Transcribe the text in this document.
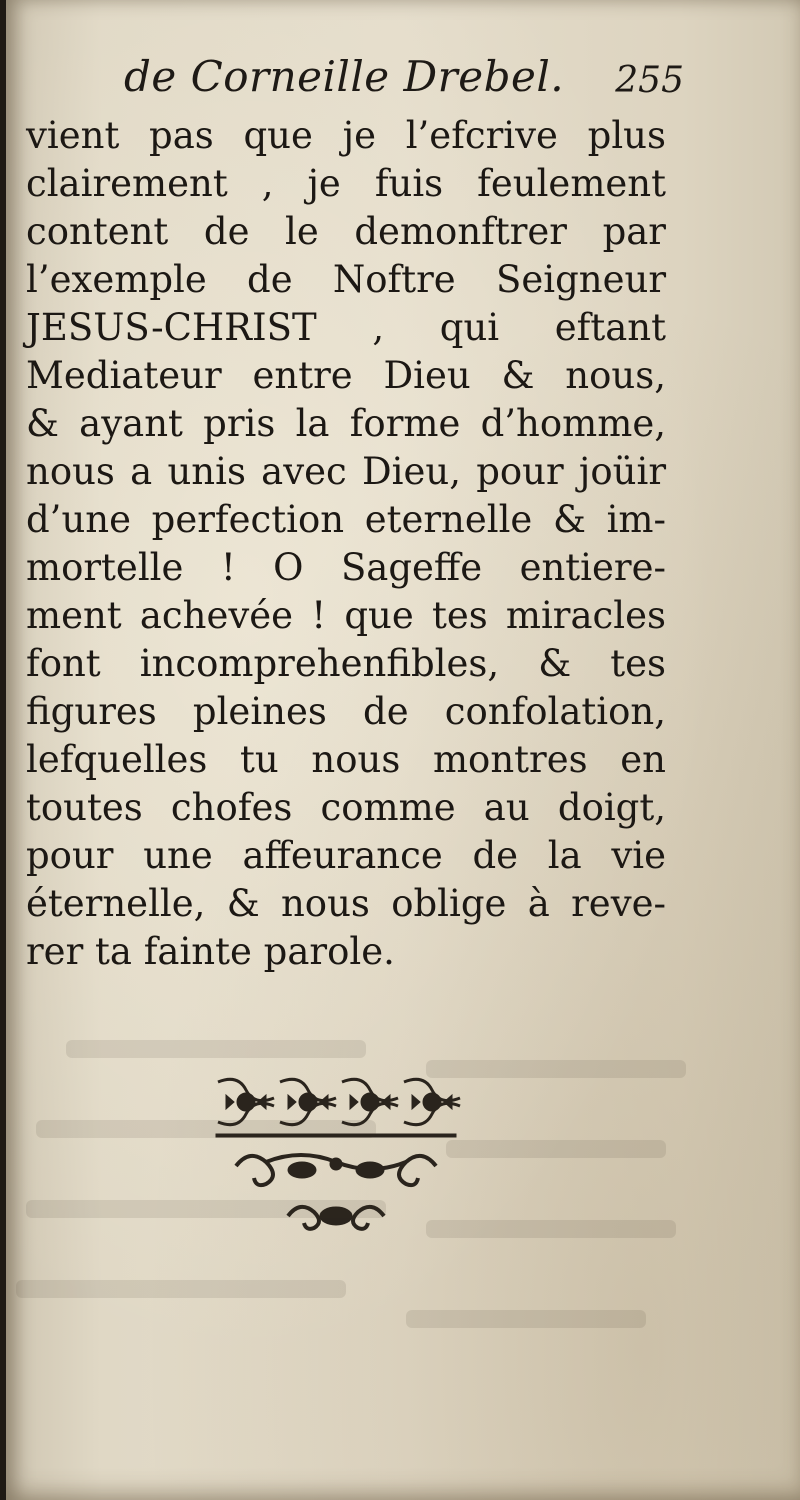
de Corneille Drebel. 255
vient pas que je l’efcrive plus
clairement , je fuis feulement
content de le demonftrer par
l’exemple de Noftre Seigneur
JESUS-CHRIST , qui eftant
Mediateur entre Dieu & nous,
& ayant pris la forme d’homme,
nous a unis avec Dieu, pour joüir
d’une perfection eternelle & im-
mortelle ! O Sageffe entiere-
ment achevée ! que tes miracles
font incomprehenfibles, & tes
figures pleines de confolation,
lefquelles tu nous montres en
toutes chofes comme au doigt,
pour une affeurance de la vie
éternelle, & nous oblige à reve-
rer ta fainte parole.
